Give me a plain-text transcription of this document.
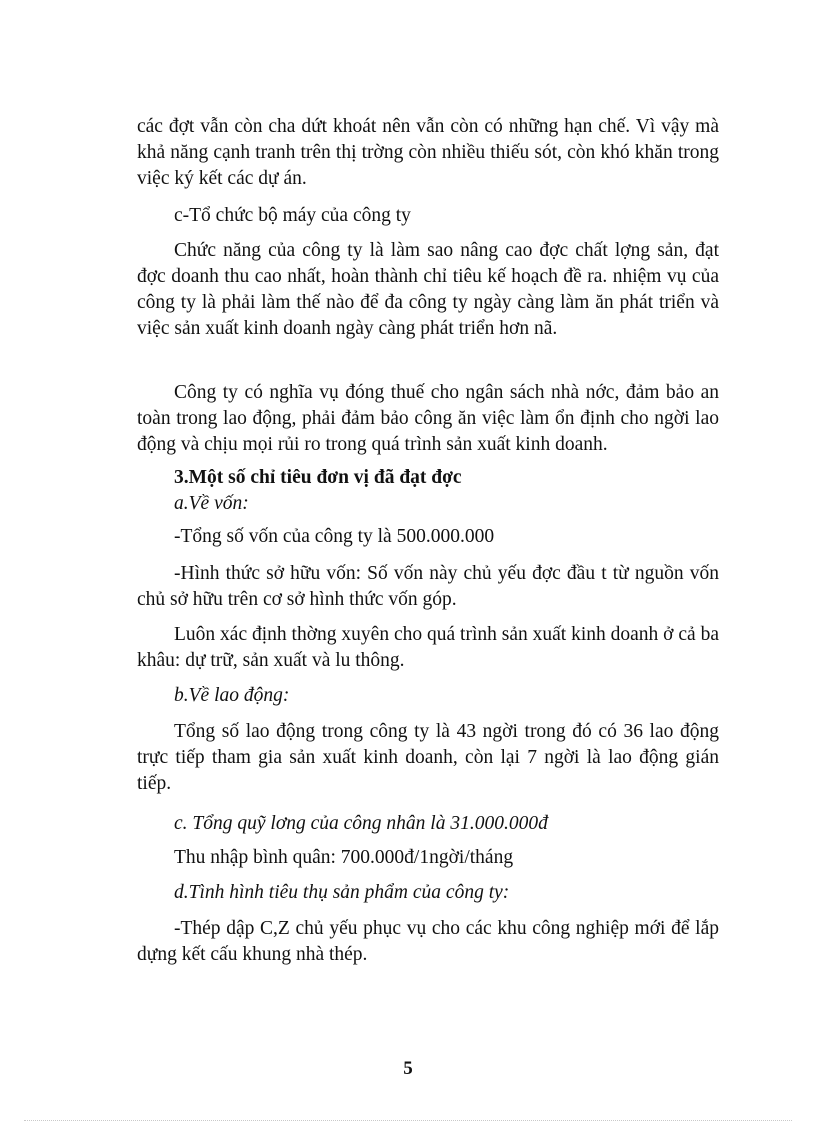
các đợt vẫn còn cha dứt khoát nên vẫn còn có những hạn chế. Vì vậy mà khả năng cạnh tranh trên thị trờng còn nhiều thiếu sót, còn khó khăn trong việc ký kết các dự án.

c-Tổ chức bộ máy của công ty

Chức năng của công ty là làm sao nâng cao đợc chất lợng sản, đạt đợc doanh thu cao nhất, hoàn thành chỉ tiêu kế hoạch đề ra. nhiệm vụ của công ty là phải làm thế nào để đa công ty ngày càng làm ăn phát triển và việc sản xuất kinh doanh ngày càng phát triển hơn nã.

Công ty có nghĩa vụ đóng thuế cho ngân sách nhà nớc, đảm bảo an toàn trong lao động, phải đảm bảo công ăn việc làm ổn định cho ngời lao động và chịu mọi rủi ro trong quá trình sản xuất kinh doanh.

3.Một số chỉ tiêu đơn vị đã đạt đợc

a.Về vốn:

-Tổng số vốn của công ty là 500.000.000

-Hình thức sở hữu vốn: Số vốn này chủ yếu đợc đầu t từ nguồn vốn chủ sở hữu trên cơ sở hình thức vốn góp.

Luôn xác định thờng xuyên cho quá trình sản xuất kinh doanh ở cả ba khâu: dự trữ, sản xuất và lu thông.

b.Về lao động:

Tổng số lao động trong công ty là 43 ngời trong đó có 36 lao động trực tiếp tham gia sản xuất kinh doanh, còn lại 7 ngời là lao động gián tiếp.

c. Tổng quỹ lơng của công nhân là 31.000.000đ

Thu nhập bình quân: 700.000đ/1ngời/tháng

d.Tình hình tiêu thụ sản phẩm của công ty:

-Thép dập C,Z chủ yếu phục vụ cho các khu công nghiệp mới để lắp dựng kết cấu khung nhà thép.

5
